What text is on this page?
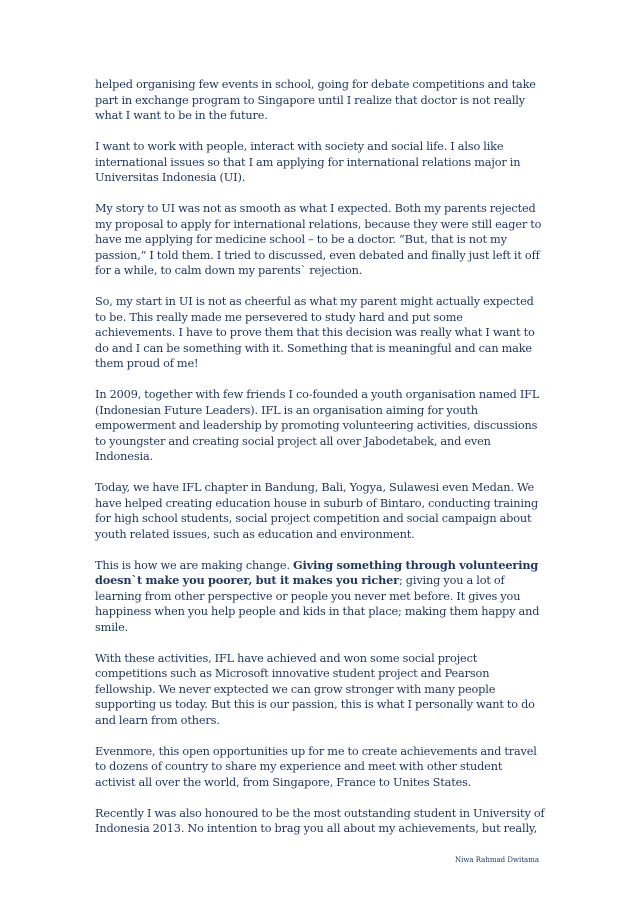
helped organising few events in school, going for debate competitions and take part in exchange program to Singapore until I realize that doctor is not really what I want to be in the future.

I want to work with people, interact with society and social life. I also like international issues so that I am applying for international relations major in Universitas Indonesia (UI).

My story to UI was not as smooth as what I expected. Both my parents rejected my proposal to apply for international relations, because they were still eager to have me applying for medicine school – to be a doctor. “But, that is not my passion,“ I told them. I tried to discussed, even debated and finally just left it off for a while, to calm down my parents` rejection.

So, my start in UI is not as cheerful as what my parent might actually expected to be. This really made me persevered to study hard and put some achievements. I have to prove them that this decision was really what I want to do and I can be something with it. Something that is meaningful and can make them proud of me!

In 2009, together with few friends I co-founded a youth organisation named IFL (Indonesian Future Leaders). IFL is an organisation aiming for youth empowerment and leadership by promoting volunteering activities, discussions to youngster and creating social project all over Jabodetabek, and even Indonesia.

Today, we have IFL chapter in Bandung, Bali, Yogya, Sulawesi even Medan. We have helped creating education house in suburb of Bintaro, conducting training for high school students, social project competition and social campaign about youth related issues, such as education and environment.

This is how we are making change. Giving something through volunteering doesn`t make you poorer, but it makes you richer; giving you a lot of learning from other perspective or people you never met before. It gives you happiness when you help people and kids in that place; making them happy and smile.

With these activities, IFL have achieved and won some social project competitions such as Microsoft innovative student project and Pearson fellowship. We never exptected we can grow stronger with many people supporting us today. But this is our passion, this is what I personally want to do and learn from others.

Evenmore, this open opportunities up for me to create achievements and travel to dozens of country to share my experience and meet with other student activist all over the world, from Singapore, France to Unites States.

Recently I was also honoured to be the most outstanding student in University of Indonesia 2013. No intention to brag you all about my achievements, but really,

Niwa Rahmad Dwitama
